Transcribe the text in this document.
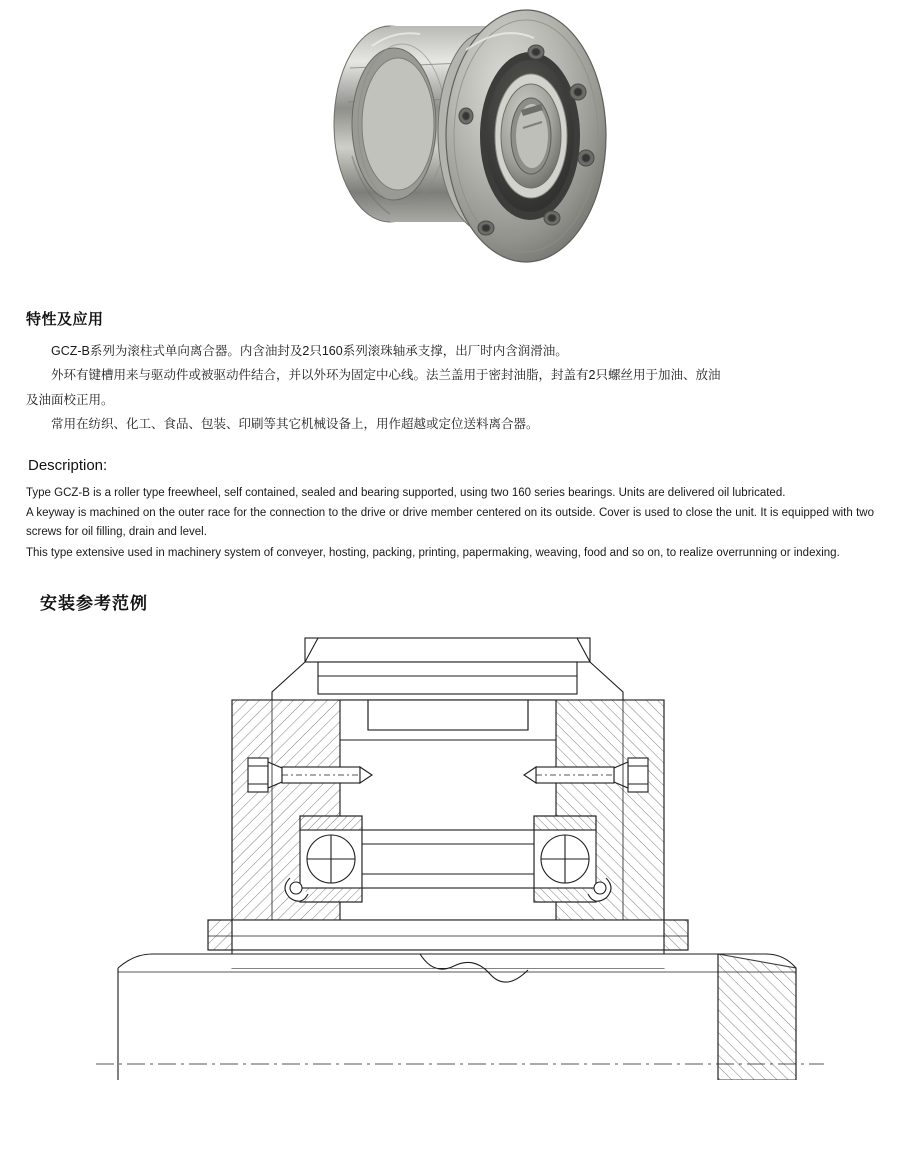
特性及应用

GCZ-B系列为滚柱式单向离合器。内含油封及2只160系列滚珠轴承支撑，出厂时内含润滑油。

外环有键槽用来与驱动件或被驱动件结合，并以外环为固定中心线。法兰盖用于密封油脂，封盖有2只螺丝用于加油、放油

及油面校正用。

常用在纺织、化工、食品、包装、印刷等其它机械设备上，用作超越或定位送料离合器。

Description:

Type GCZ-B is a roller type freewheel, self contained, sealed and bearing supported, using two 160 series bearings. Units are delivered oil lubricated.

A keyway is machined on the outer race for the connection to the drive or drive member centered on its outside. Cover is used to close the unit. It is equipped with two screws for oil filling, drain and level.

This type extensive used in machinery system of conveyer, hosting, packing, printing, papermaking, weaving, food and so on, to realize overrunning or indexing.

安装参考范例
